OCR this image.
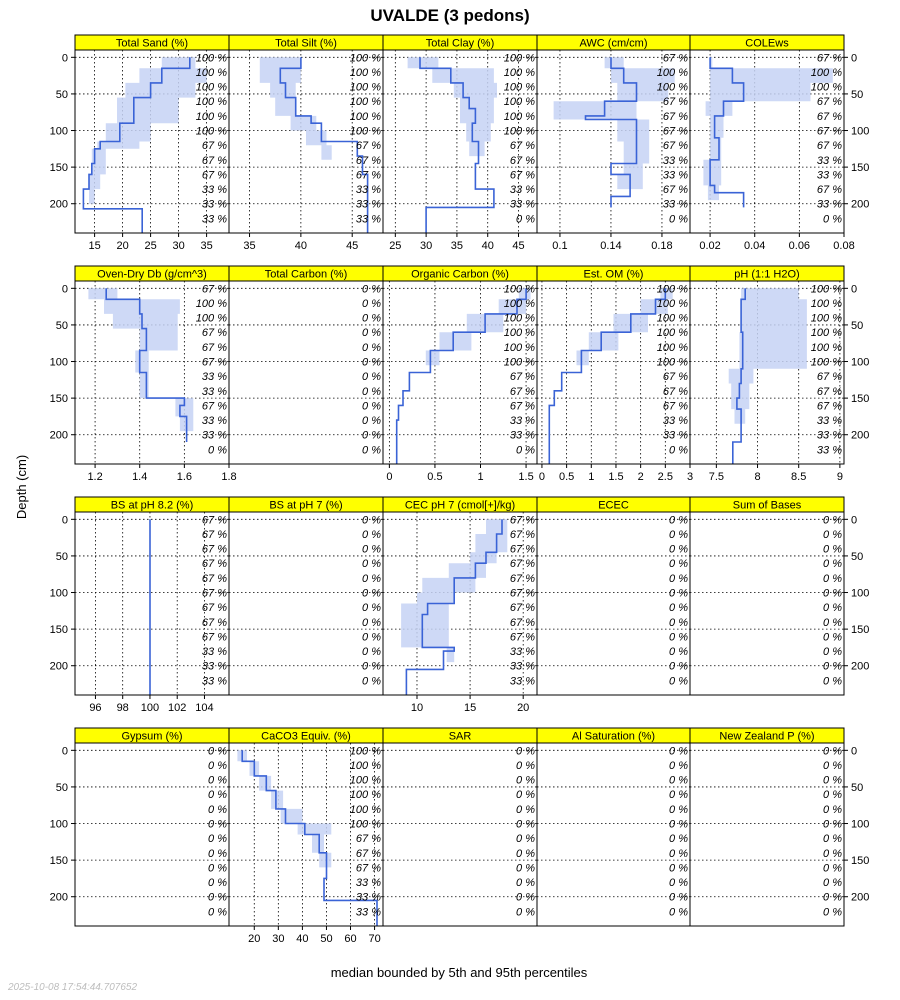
UVALDE (3 pedons)
Depth (cm)
median bounded by 5th and 95th percentiles
2025-10-08 17:54:44.707652
Total Sand (%)
100 %
100 %
100 %
100 %
100 %
100 %
67 %
67 %
67 %
33 %
33 %
33 %
15 20 25 30 35
0
50
100
150
200
Total Silt (%)
100 %
100 %
100 %
100 %
100 %
100 %
67 %
67 %
67 %
33 %
33 %
33 %
35	40	45
Total Clay (%)
100 %
100 %
100 %
100 %
100 %
100 %
67 %
67 %
67 %
33 %
33 %
0 %
25 30 35 40 45
AWC (cm/cm)
67 %
100 %
100 %
67 %
67 %
67 %
67 %
33 %
33 %
67 %
33 %
0 %
0.1	0.14	0.18
COLEws
67 %
100 %
100 %
67 %
67 %
67 %
67 %
33 %
33 %
67 %
33 %
0 %
0.02 0.04 0.06 0.08
0
50
100
150
200
Oven-Dry Db (g/cm^3)
67 %
100 %
100 %
67 %
67 %
67 %
33 %
33 %
67 %
33 %
33 %
0 %
1.2	1.4	1.6	1.8
0
50
100
150
200
Total Carbon (%)
0 %
0 %
0 %
0 %
0 %
0 %
0 %
0 %
0 %
0 %
0 %
0 %
Organic Carbon (%)
100 %
100 %
100 %
100 %
100 %
100 %
67 %
67 %
67 %
33 %
33 %
0 %
0	0.5	1	1.5
Est. OM (%)
100 %
100 %
100 %
100 %
100 %
100 %
67 %
67 %
67 %
33 %
33 %
0 %
0 0.5 1 1.5 2 2.5 3
pH (1:1 H2O)
100 %
100 %
100 %
100 %
100 %
100 %
67 %
67 %
67 %
33 %
33 %
33 %
7.5	8	8.5	9
0
50
100
150
200
BS at pH 8.2 (%)
67 %
67 %
67 %
67 %
67 %
67 %
67 %
67 %
67 %
33 %
33 %
33 %
96 98 100 102 104
0
50
100
150
200
BS at pH 7 (%)
0 %
0 %
0 %
0 %
0 %
0 %
0 %
0 %
0 %
0 %
0 %
0 %
CEC pH 7 (cmol[+]/kg)
67 %
67 %
67 %
67 %
67 %
67 %
67 %
67 %
67 %
33 %
33 %
33 %
10	15	20
ECEC
0 %
0 %
0 %
0 %
0 %
0 %
0 %
0 %
0 %
0 %
0 %
0 %
Sum of Bases
0 %
0 %
0 %
0 %
0 %
0 %
0 %
0 %
0 %
0 %
0 %
0 %
0
50
100
150
200
Gypsum (%)
0 %
0 %
0 %
0 %
0 %
0 %
0 %
0 %
0 %
0 %
0 %
0 %
0
50
100
150
200
CaCO3 Equiv. (%)
100 %
100 %
100 %
100 %
100 %
100 %
67 %
67 %
67 %
33 %
33 %
33 %
20 30 40 50 60 70
SAR
0 %
0 %
0 %
0 %
0 %
0 %
0 %
0 %
0 %
0 %
0 %
0 %
Al Saturation (%)
0 %
0 %
0 %
0 %
0 %
0 %
0 %
0 %
0 %
0 %
0 %
0 %
New Zealand P (%)
0 %
0 %
0 %
0 %
0 %
0 %
0 %
0 %
0 %
0 %
0 %
0 %
0
50
100
150
200
